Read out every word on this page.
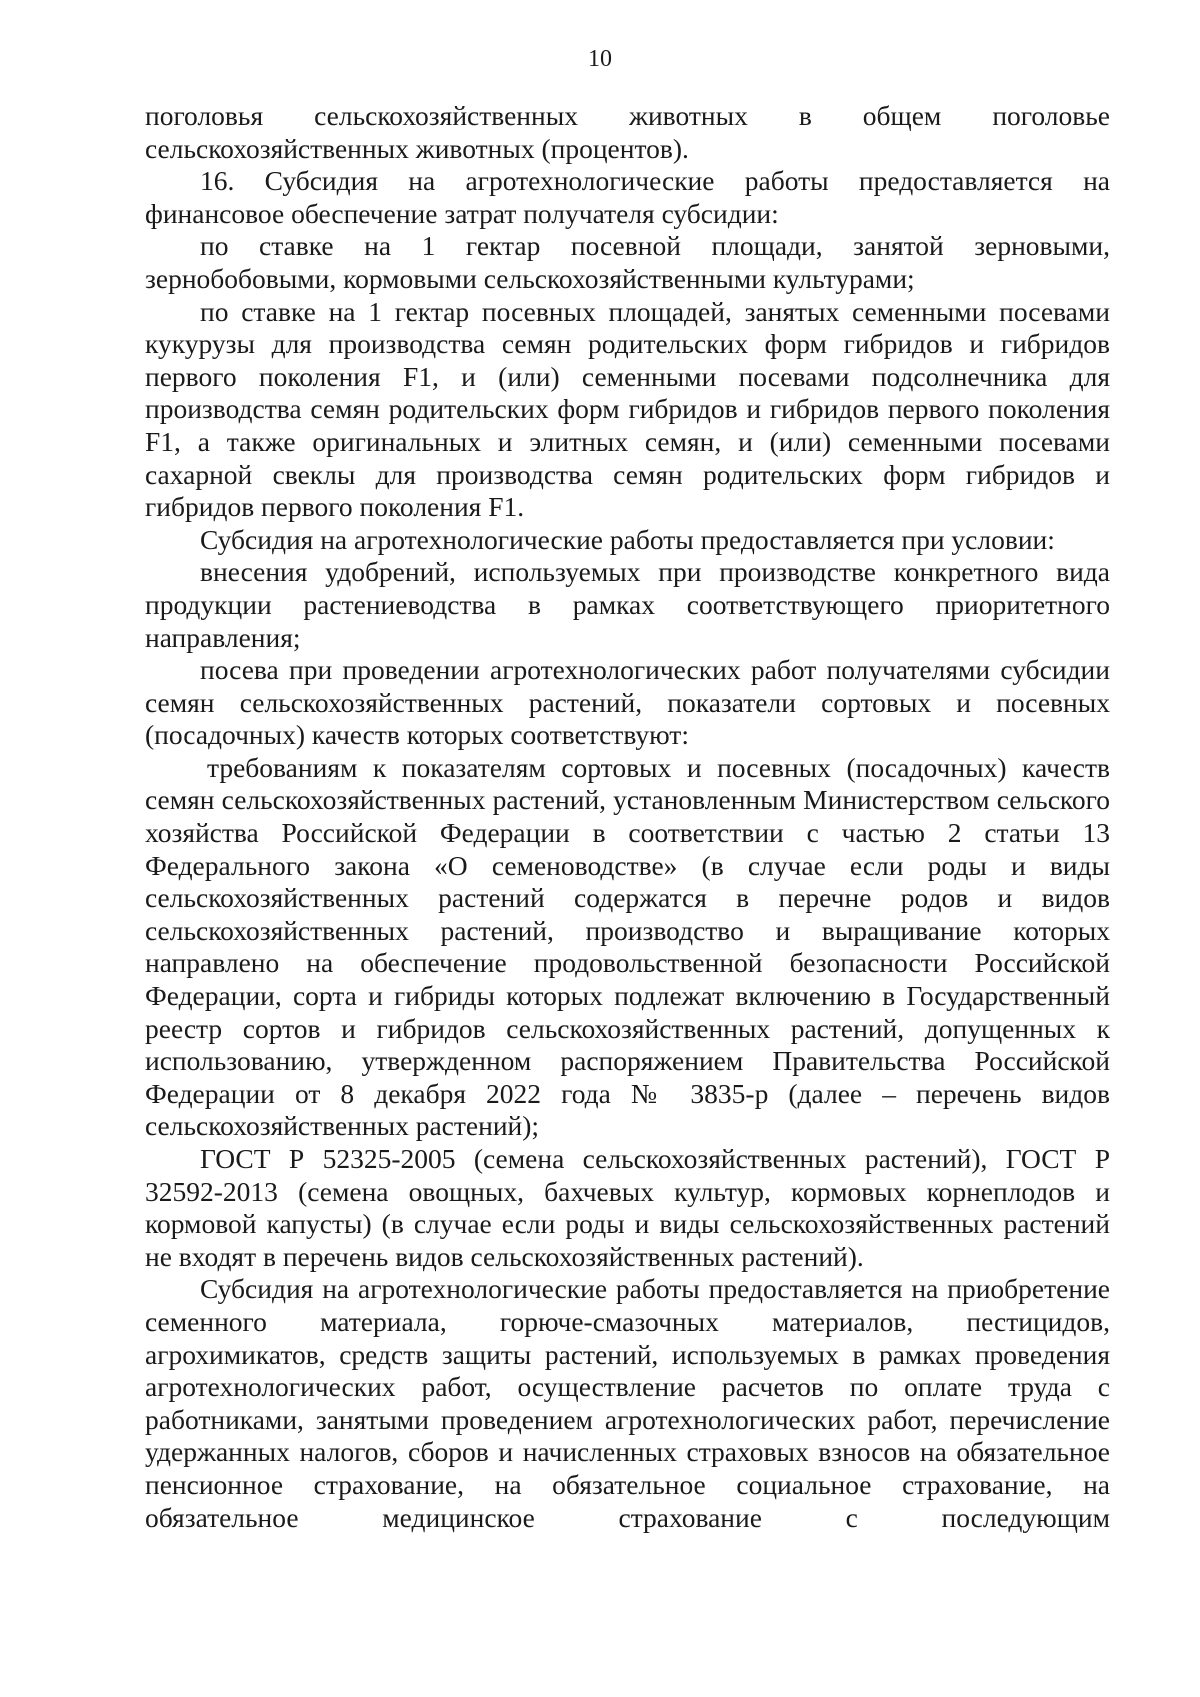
10

поголовья сельскохозяйственных животных в общем поголовье сельскохозяйственных животных (процентов).

16. Субсидия на агротехнологические работы предоставляется на финансовое обеспечение затрат получателя субсидии:

по ставке на 1 гектар посевной площади, занятой зерновыми, зернобобовыми, кормовыми сельскохозяйственными культурами;

по ставке на 1 гектар посевных площадей, занятых семенными посевами кукурузы для производства семян родительских форм гибридов и гибридов первого поколения F1, и (или) семенными посевами подсолнечника для производства семян родительских форм гибридов и гибридов первого поколения F1, а также оригинальных и элитных семян, и (или) семенными посевами сахарной свеклы для производства семян родительских форм гибридов и гибридов первого поколения F1.

Субсидия на агротехнологические работы предоставляется при условии:

внесения удобрений, используемых при производстве конкретного вида продукции растениеводства в рамках соответствующего приоритетного направления;

посева при проведении агротехнологических работ получателями субсидии семян сельскохозяйственных растений, показатели сортовых и посевных (посадочных) качеств которых соответствуют:

требованиям к показателям сортовых и посевных (посадочных) качеств семян сельскохозяйственных растений, установленным Министерством сельского хозяйства Российской Федерации в соответствии с частью 2 статьи 13 Федерального закона «О семеноводстве» (в случае если роды и виды сельскохозяйственных растений содержатся в перечне родов и видов сельскохозяйственных растений, производство и выращивание которых направлено на обеспечение продовольственной безопасности Российской Федерации, сорта и гибриды которых подлежат включению в Государственный реестр сортов и гибридов сельскохозяйственных растений, допущенных к использованию, утвержденном распоряжением Правительства Российской Федерации от 8 декабря 2022 года № 3835-р (далее – перечень видов сельскохозяйственных растений);

ГОСТ Р 52325-2005 (семена сельскохозяйственных растений), ГОСТ Р 32592-2013 (семена овощных, бахчевых культур, кормовых корнеплодов и кормовой капусты) (в случае если роды и виды сельскохозяйственных растений не входят в перечень видов сельскохозяйственных растений).

Субсидия на агротехнологические работы предоставляется на приобретение семенного материала, горюче-смазочных материалов, пестицидов, агрохимикатов, средств защиты растений, используемых в рамках проведения агротехнологических работ, осуществление расчетов по оплате труда с работниками, занятыми проведением агротехнологических работ, перечисление удержанных налогов, сборов и начисленных страховых взносов на обязательное пенсионное страхование, на обязательное социальное страхование, на обязательное медицинское страхование с последующим
